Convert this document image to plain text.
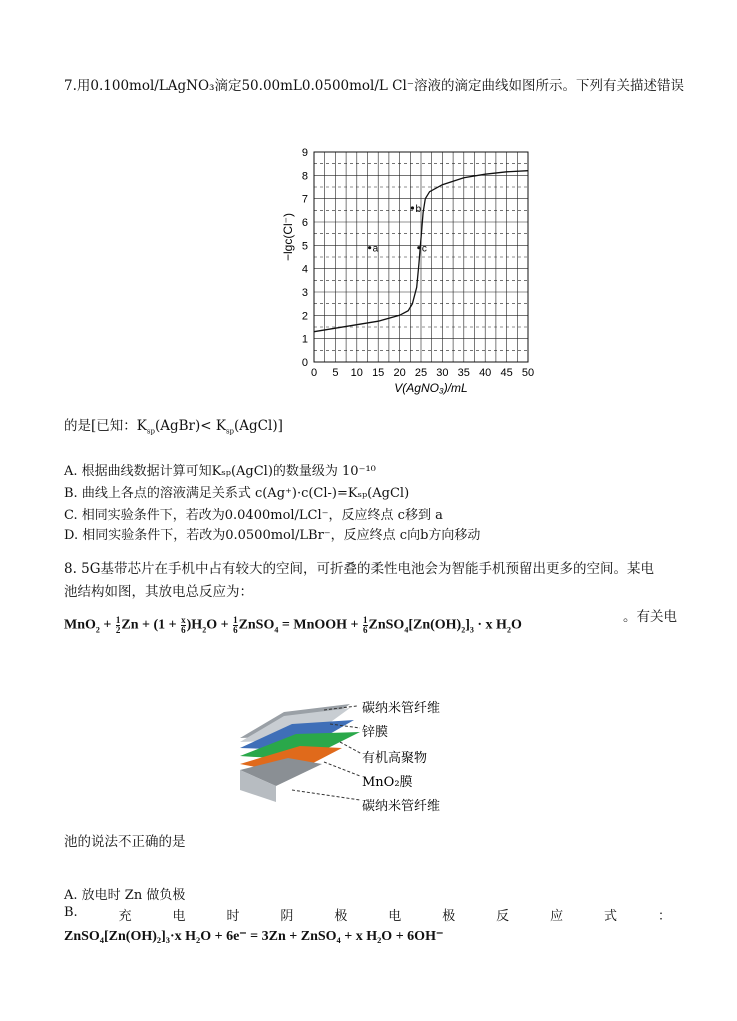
7.用0.100mol/LAgNO₃滴定50.00mL0.0500mol/L Cl⁻溶液的滴定曲线如图所示。下列有关描述错误
0 5 10 15 20 25 30 35 40 45 50
0
1
2
3
4
5
6
7
8
9
a
b
c
V(AgNO₃)/mL
−lgc(Cl⁻)
的是[已知：$K_{sp}(AgBr)<$ $K_{sp}(AgCl)$]
A. 根据曲线数据计算可知Kₛₚ(AgCl)的数量级为 10⁻¹⁰
B. 曲线上各点的溶液满足关系式 c(Ag⁺)·c(Cl-)=Kₛₚ(AgCl)
C. 相同实验条件下，若改为0.0400mol/LCl⁻，反应终点 c移到 a
D. 相同实验条件下，若改为0.0500mol/LBr⁻，反应终点 c向b方向移动
8. 5G基带芯片在手机中占有较大的空间，可折叠的柔性电池会为智能手机预留出更多的空间。某电
池结构如图，其放电总反应为：
$MnO_2 + \frac{1}{2}$ $Zn + (1 + \frac{x}{6} )H_2O + \frac{1}{6}$ ZnSO$_4$ = MnOOH + $\frac{1}{6}$ $ZnSO_4[Zn(OH)_2]_3 \cdot x$ $H_2O$
。有关电
碳纳米管纤维
锌膜
有机高聚物
MnO₂膜
碳纳米管纤维
池的说法不正确的是
A. 放电时 Zn 做负极
B.	充	电	时	阴	极	电	极	反	应	式	：
ZnSO₄[Zn(OH)₂]₃·x H₂O + 6e⁻ = 3Zn + ZnSO₄ + x H₂O + 6OH⁻
